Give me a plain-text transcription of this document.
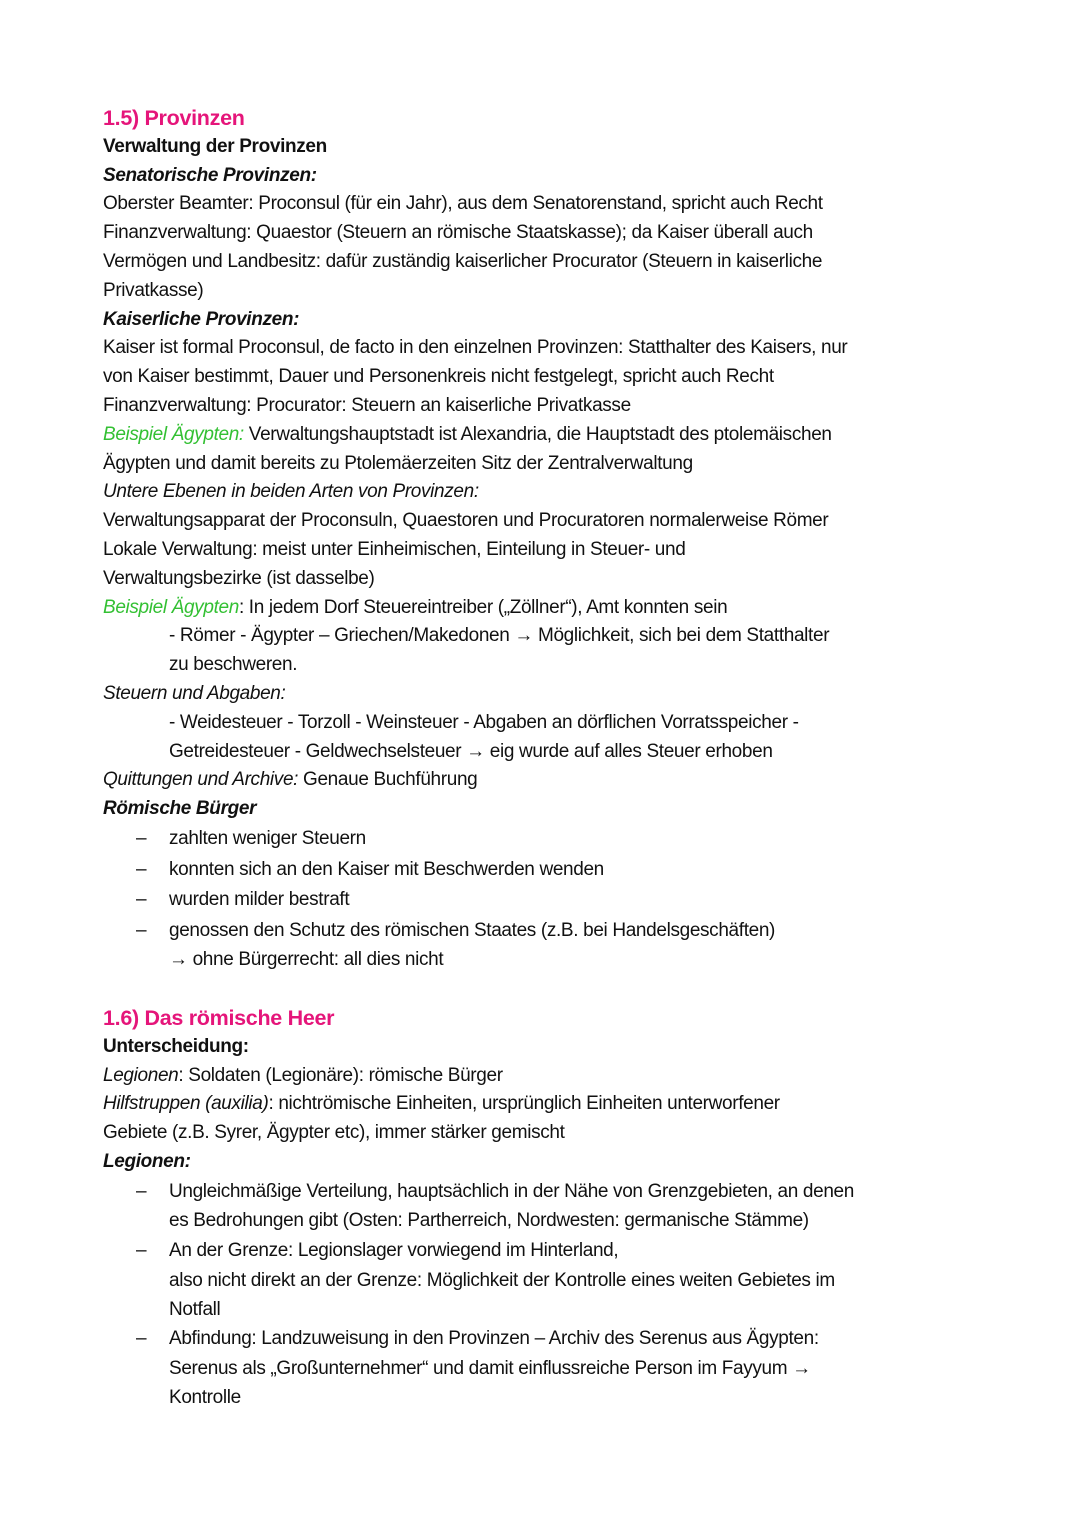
1.5) Provinzen
Verwaltung der Provinzen
Senatorische Provinzen:
Oberster Beamter: Proconsul (für ein Jahr), aus dem Senatorenstand, spricht auch Recht
Finanzverwaltung: Quaestor (Steuern an römische Staatskasse); da Kaiser überall auch
Vermögen und Landbesitz: dafür zuständig kaiserlicher Procurator (Steuern in kaiserliche
Privatkasse)
Kaiserliche Provinzen:
Kaiser ist formal Proconsul, de facto in den einzelnen Provinzen: Statthalter des Kaisers, nur
von Kaiser bestimmt, Dauer und Personenkreis nicht festgelegt, spricht auch Recht
Finanzverwaltung: Procurator: Steuern an kaiserliche Privatkasse
Beispiel Ägypten: Verwaltungshauptstadt ist Alexandria, die Hauptstadt des ptolemäischen
Ägypten und damit bereits zu Ptolemäerzeiten Sitz der Zentralverwaltung
Untere Ebenen in beiden Arten von Provinzen:
Verwaltungsapparat der Proconsuln, Quaestoren und Procuratoren normalerweise Römer
Lokale Verwaltung: meist unter Einheimischen, Einteilung in Steuer- und
Verwaltungsbezirke (ist dasselbe)
Beispiel Ägypten: In jedem Dorf Steuereintreiber („Zöllner“), Amt konnten sein
- Römer - Ägypter – Griechen/Makedonen → Möglichkeit, sich bei dem Statthalter
zu beschweren.
Steuern und Abgaben:
- Weidesteuer - Torzoll - Weinsteuer - Abgaben an dörflichen Vorratsspeicher -
Getreidesteuer - Geldwechselsteuer → eig wurde auf alles Steuer erhoben
Quittungen und Archive: Genaue Buchführung
Römische Bürger
– zahlten weniger Steuern
– konnten sich an den Kaiser mit Beschwerden wenden
– wurden milder bestraft
– genossen den Schutz des römischen Staates (z.B. bei Handelsgeschäften)
→ ohne Bürgerrecht: all dies nicht
1.6) Das römische Heer
Unterscheidung:
Legionen: Soldaten (Legionäre): römische Bürger
Hilfstruppen (auxilia): nichtrömische Einheiten, ursprünglich Einheiten unterworfener
Gebiete (z.B. Syrer, Ägypter etc), immer stärker gemischt
Legionen:
– Ungleichmäßige Verteilung, hauptsächlich in der Nähe von Grenzgebieten, an denen
es Bedrohungen gibt (Osten: Partherreich, Nordwesten: germanische Stämme)
– An der Grenze: Legionslager vorwiegend im Hinterland,
also nicht direkt an der Grenze: Möglichkeit der Kontrolle eines weiten Gebietes im
Notfall
– Abfindung: Landzuweisung in den Provinzen – Archiv des Serenus aus Ägypten:
Serenus als „Großunternehmer“ und damit einflussreiche Person im Fayyum →
Kontrolle
